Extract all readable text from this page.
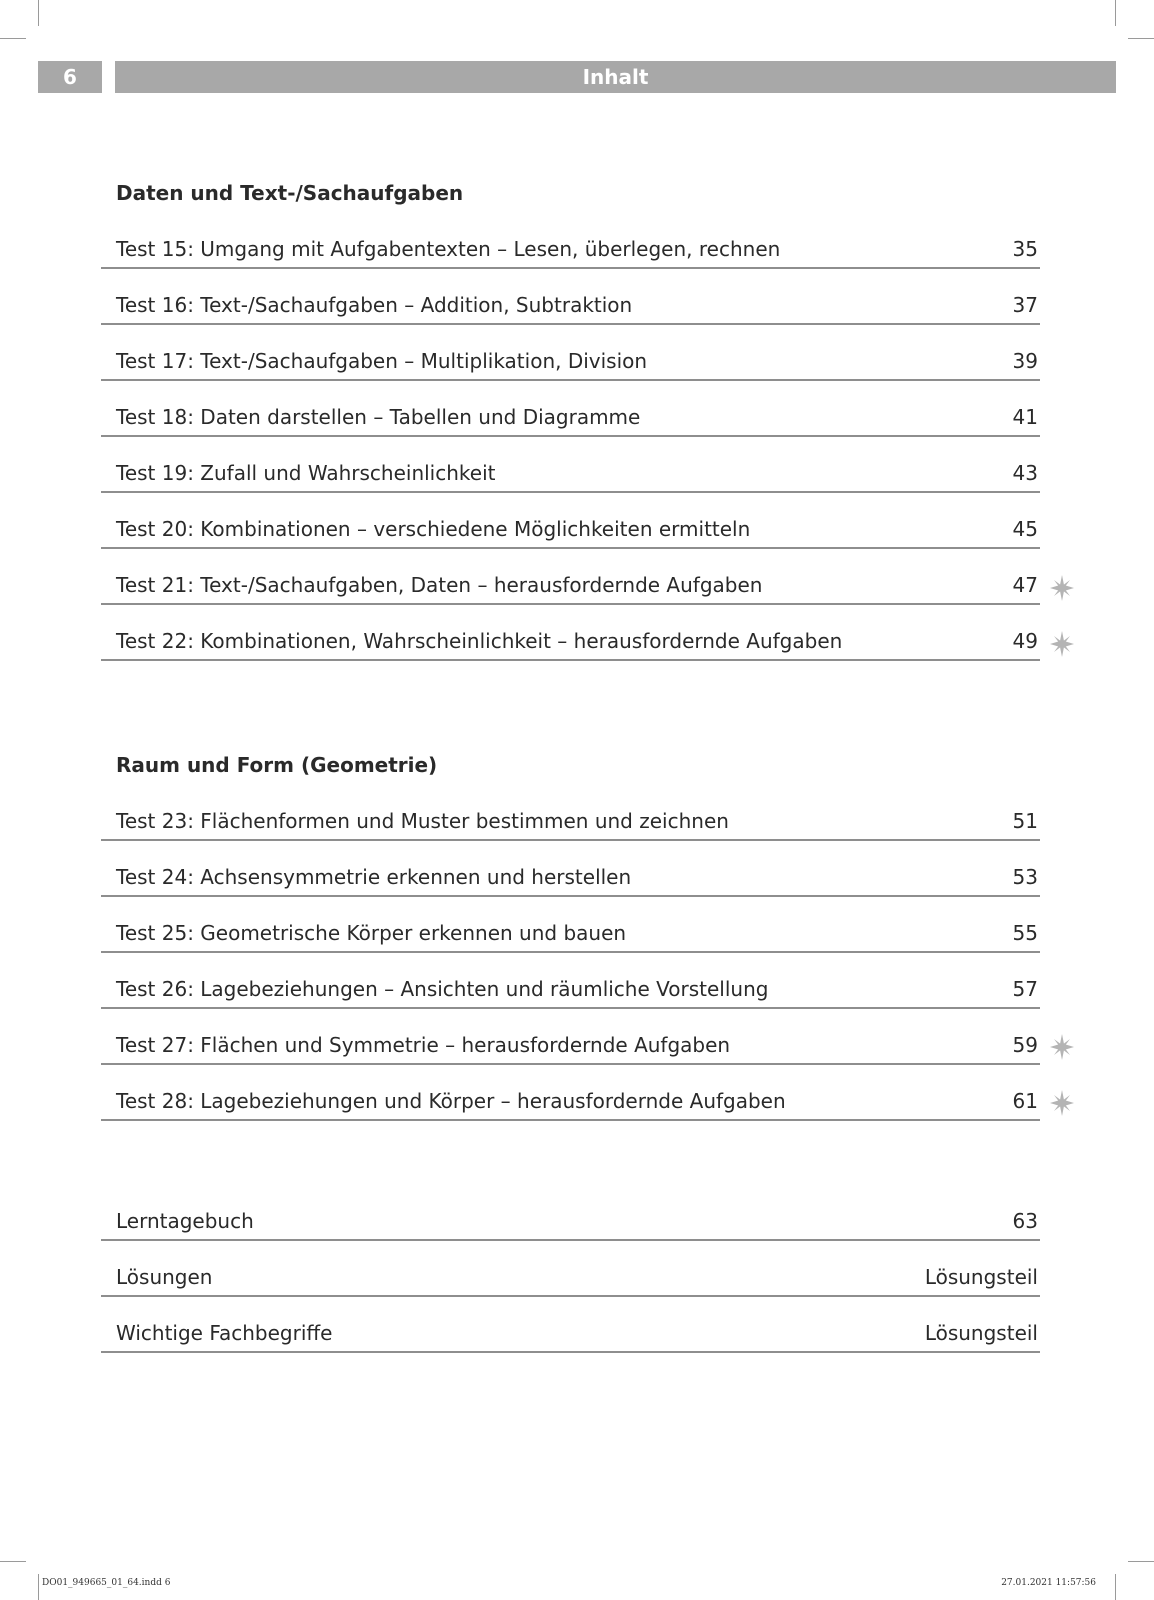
6	Inhalt
Daten und Text-/Sachaufgaben
Test 15: Umgang mit Aufgabentexten – Lesen, überlegen, rechnen	35
Test 16: Text-/Sachaufgaben – Addition, Subtraktion	37
Test 17: Text-/Sachaufgaben – Multiplikation, Division	39
Test 18: Daten darstellen – Tabellen und Diagramme	41
Test 19: Zufall und Wahrscheinlichkeit	43
Test 20: Kombinationen – verschiedene Möglichkeiten ermitteln	45
Test 21: Text-/Sachaufgaben, Daten – herausfordernde Aufgaben	47
Test 22: Kombinationen, Wahrscheinlichkeit – herausfordernde Aufgaben	49
Raum und Form (Geometrie)
Test 23: Flächenformen und Muster bestimmen und zeichnen	51
Test 24: Achsensymmetrie erkennen und herstellen	53
Test 25: Geometrische Körper erkennen und bauen	55
Test 26: Lagebeziehungen – Ansichten und räumliche Vorstellung	57
Test 27: Flächen und Symmetrie – herausfordernde Aufgaben	59
Test 28: Lagebeziehungen und Körper – herausfordernde Aufgaben	61
Lerntagebuch	63
Lösungen	Lösungsteil
Wichtige Fachbegriffe	Lösungsteil
DO01_949665_01_64.indd 6	27.01.2021 11:57:56
